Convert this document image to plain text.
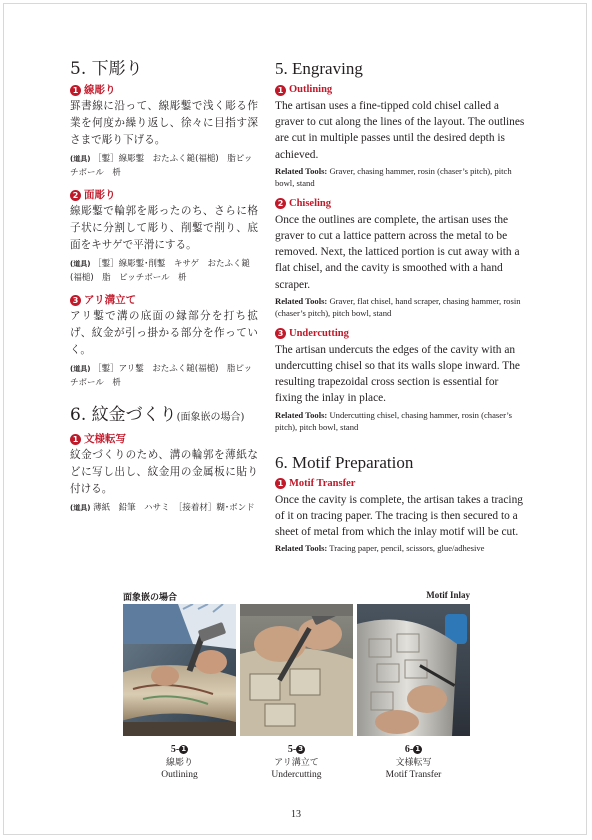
5. 下彫り
1 線彫り

罫書線に沿って、線彫鏨で浅く彫る作業を何度か繰り返し、徐々に目指す深さまで彫り下げる。

(道具) ［鏨］線彫鏨　おたふく鎚(福槌)　脂ピッチボール　枡

2 面彫り

線彫鏨で輪郭を彫ったのち、さらに格子状に分割して彫り、削鏨で削り、底面をキサゲで平滑にする。

(道具) ［鏨］線彫鏨･削鏨　キサゲ　おたふく鎚(福槌)　脂　ピッチボール　枡

3 アリ溝立て

アリ鏨で溝の底面の縁部分を打ち拡げ、紋金が引っ掛かる部分を作っていく。

(道具) ［鏨］アリ鏨　おたふく鎚(福槌)　脂ピッチボール　枡

6. 紋金づくり(面象嵌の場合)
1 文様転写

紋金づくりのため、溝の輪郭を薄紙などに写し出し、紋金用の金属板に貼り付ける。

(道具) 薄紙　鉛筆　ハサミ　［接着材］糊･ボンド

5. Engraving
1 Outlining

The artisan uses a fine-tipped cold chisel called a graver to cut along the lines of the layout. The outlines are cut in multiple passes until the desired depth is achieved.

Related Tools: Graver, chasing hammer, rosin (chaser’s pitch), pitch bowl, stand

2 Chiseling

Once the outlines are complete, the artisan uses the graver to cut a lattice pattern across the metal to be removed. Next, the latticed portion is cut away with a flat chisel, and the cavity is smoothed with a hand scraper.

Related Tools: Graver, flat chisel, hand scraper, chasing hammer, rosin (chaser’s pitch), pitch bowl, stand

3 Undercutting

The artisan undercuts the edges of the cavity with an undercutting chisel so that its walls slope inward. The resulting trapezoidal cross section is essential for fixing the inlay in place.

Related Tools: Undercutting chisel, chasing hammer, rosin (chaser’s pitch), pitch bowl, stand

6. Motif Preparation
1 Motif Transfer

Once the cavity is complete, the artisan takes a tracing of it on tracing paper. The tracing is then secured to a sheet of metal from which the inlay motif will be cut.

Related Tools: Tracing paper, pencil, scissors, glue/adhesive

面象嵌の場合	Motif Inlay
5- 1
線彫り
Outlining
5- 3
アリ溝立て
Undercutting
6- 1
文様転写
Motif Transfer
13
